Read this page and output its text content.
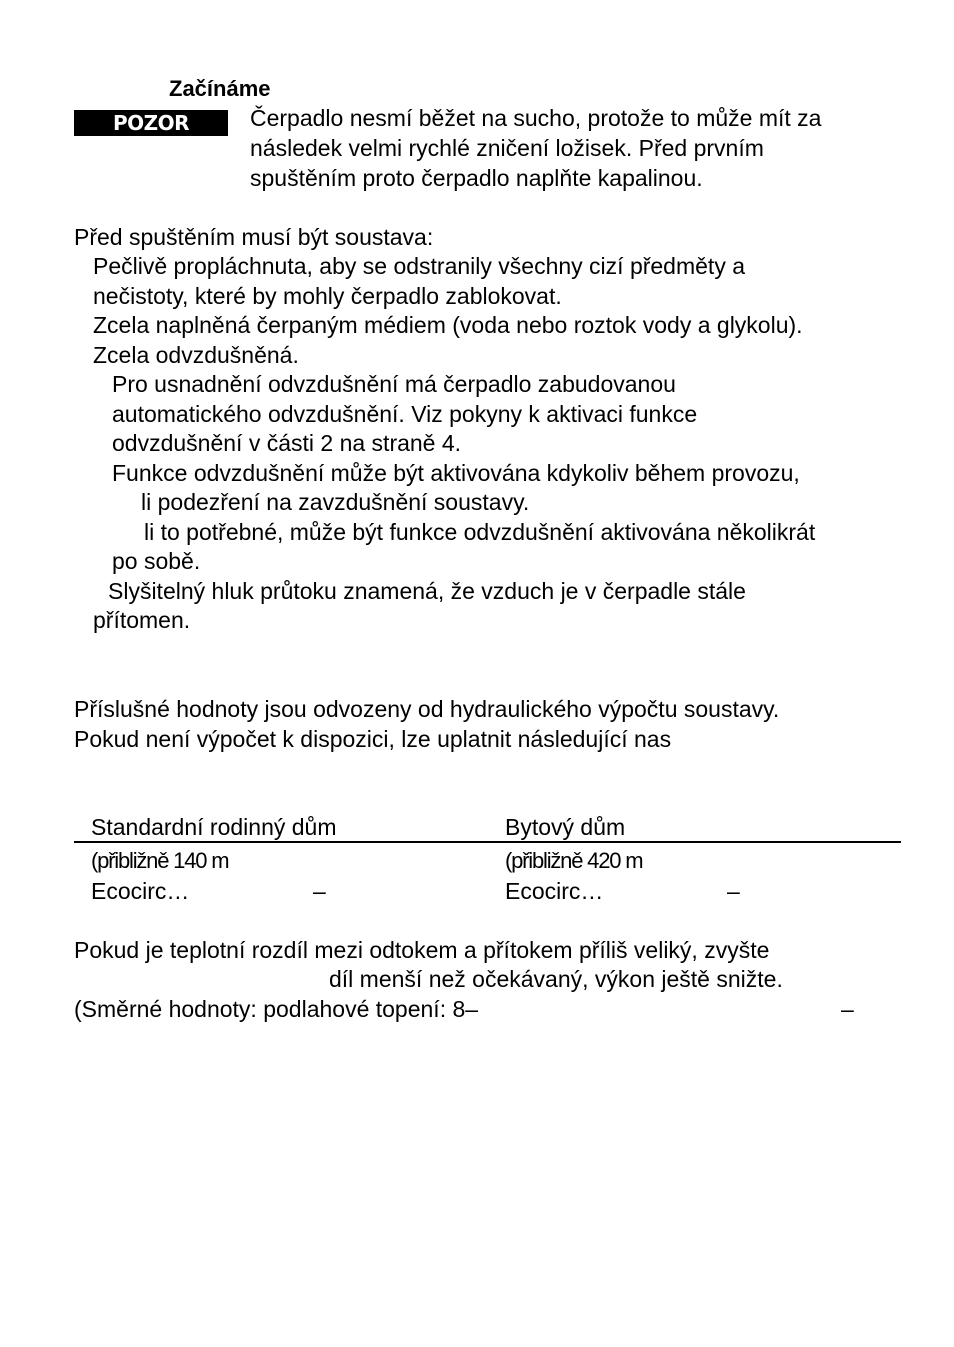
Začínáme
POZOR	Čerpadlo nesmí běžet na sucho, protože to může mít za
následek velmi rychlé zničení ložisek. Před prvním
spuštěním proto čerpadlo naplňte kapalinou.
Před spuštěním musí být soustava:
Pečlivě propláchnuta, aby se odstranily všechny cizí předměty a
nečistoty, které by mohly čerpadlo zablokovat.
Zcela naplněná čerpaným médiem (voda nebo roztok vody a glykolu).
Zcela odvzdušněná.
Pro usnadnění odvzdušnění má čerpadlo zabudovanou
automatického odvzdušnění. Viz pokyny k aktivaci funkce
odvzdušnění v části 2 na straně 4.
Funkce odvzdušnění může být aktivována kdykoliv během provozu,
li podezření na zavzdušnění soustavy.
li to potřebné, může být funkce odvzdušnění aktivována několikrát
po sobě.
Slyšitelný hluk průtoku znamená, že vzduch je v čerpadle stále
přítomen.
Příslušné hodnoty jsou odvozeny od hydraulického výpočtu soustavy.
Pokud není výpočet k dispozici, lze uplatnit následující nas
Standardní rodinný dům	Bytový dům
(přibližně 140 m	(přibližně 420 m
Ecocirc…	–	Ecocirc…	–
Pokud je teplotní rozdíl mezi odtokem a přítokem příliš veliký, zvyšte
díl menší než očekávaný, výkon ještě snižte.
(Směrné hodnoty: podlahové topení: 8–	–
